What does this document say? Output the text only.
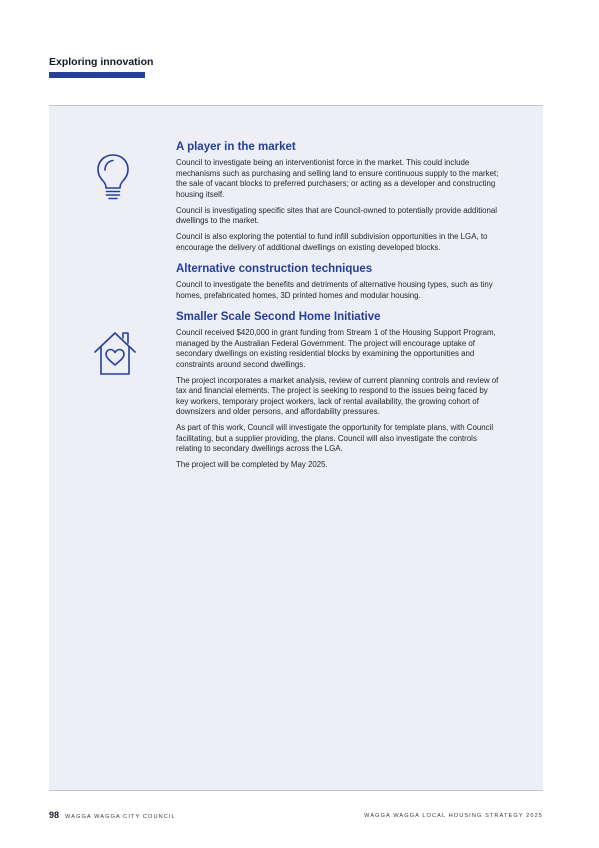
Exploring innovation
A player in the market

Council to investigate being an interventionist force in the market. This could include mechanisms such as purchasing and selling land to ensure continuous supply to the market; the sale of vacant blocks to preferred purchasers; or acting as a developer and constructing housing itself.

Council is investigating specific sites that are Council-owned to potentially provide additional dwellings to the market.

Council is also exploring the potential to fund infill subdivision opportunities in the LGA, to encourage the delivery of additional dwellings on existing developed blocks.

Alternative construction techniques

Council to investigate the benefits and detriments of alternative housing types, such as tiny homes, prefabricated homes, 3D printed homes and modular housing.

Smaller Scale Second Home Initiative

Council received $420,000 in grant funding from Stream 1 of the Housing Support Program, managed by the Australian Federal Government. The project will encourage uptake of secondary dwellings on existing residential blocks by examining the opportunities and constraints around second dwellings.

The project incorporates a market analysis, review of current planning controls and review of tax and financial elements. The project is seeking to respond to the issues being faced by key workers, temporary project workers, lack of rental availability, the growing cohort of downsizers and older persons, and affordability pressures.

As part of this work, Council will investigate the opportunity for template plans, with Council facilitating, but a supplier providing, the plans. Council will also investigate the controls relating to secondary dwellings across the LGA.

The project will be completed by May 2025.

98 WAGGA WAGGA CITY COUNCIL	WAGGA WAGGA LOCAL HOUSING STRATEGY 2025
